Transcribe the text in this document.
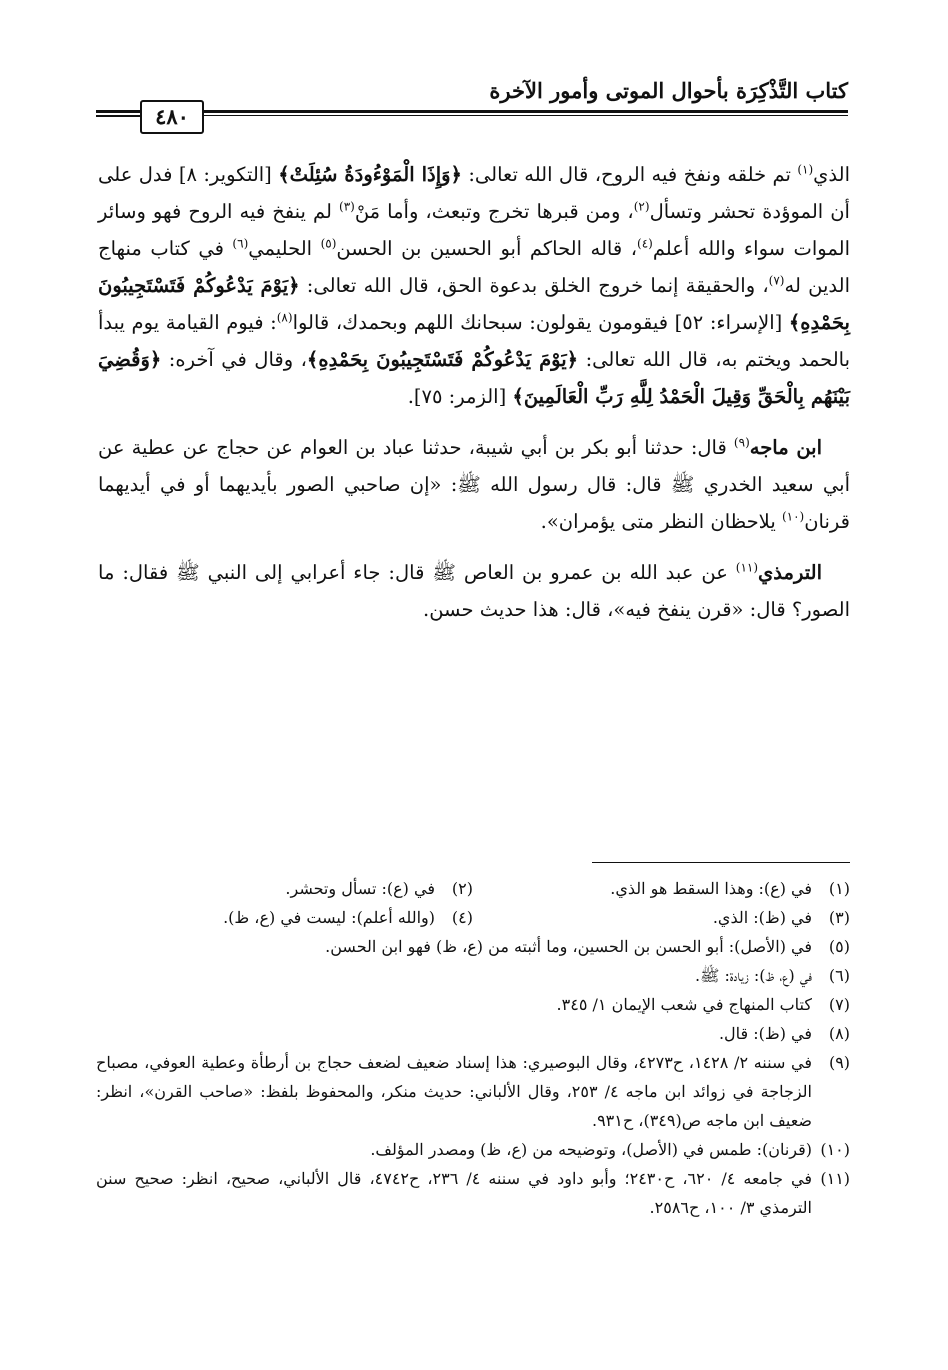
كتاب التَّذْكِرَة بأحوال الموتى وأمور الآخرة
٤٨٠

الذي$^{(١)}$ تم خلقه ونفخ فيه الروح، قال الله تعالى: ﴿وَإِذَا الْمَوْءُودَةُ سُئِلَتْ﴾ [التكوير: ٨] فدل على أن الموؤدة تحشر وتسأل$^{(٢)}$، ومن قبرها تخرج وتبعث، وأما مَنْ$^{(٣)}$ لم ينفخ فيه الروح فهو وسائر الموات سواء والله أعلم$^{(٤)}$، قاله الحاكم أبو الحسين بن الحسن$^{(٥)}$ الحليمي$^{(٦)}$ في كتاب منهاج الدين له$^{(٧)}$، والحقيقة إنما خروج الخلق بدعوة الحق، قال الله تعالى: ﴿يَوْمَ يَدْعُوكُمْ فَتَسْتَجِيبُونَ بِحَمْدِهِ﴾ [الإسراء: ٥٢] فيقومون يقولون: سبحانك اللهم وبحمدك، قالوا$^{(٨)}$: فيوم القيامة يوم يبدأ بالحمد ويختم به، قال الله تعالى: ﴿يَوْمَ يَدْعُوكُمْ فَتَسْتَجِيبُونَ بِحَمْدِهِ﴾، وقال في آخره: ﴿وَقُضِيَ بَيْنَهُم بِالْحَقِّ وَقِيلَ الْحَمْدُ لِلَّهِ رَبِّ الْعَالَمِينَ﴾ [الزمر: ٧٥].

ابن ماجه$^{(٩)}$ قال: حدثنا أبو بكر بن أبي شيبة، حدثنا عباد بن العوام عن حجاج عن عطية عن أبي سعيد الخدري ﷺ قال: قال رسول الله ﷺ: «إن صاحبي الصور بأيديهما أو في أيديهما قرنان$^{(١٠)}$ يلاحظان النظر متى يؤمران».

الترمذي$^{(١١)}$ عن عبد الله بن عمرو بن العاص ﷺ قال: جاء أعرابي إلى النبي ﷺ فقال: ما الصور؟ قال: «قرن ينفخ فيه»، قال: هذا حديث حسن.

(١)في (ع): وهذا السقط هو الذي.
(٢)في (ع): تسأل وتحشر.
(٣)في (ظ): الذي.
(٤)(والله أعلم): ليست في (ع، ظ).
(٥)في (الأصل): أبو الحسن بن الحسين، وما أثبته من (ع، ظ) فهو ابن الحسن.
(٦)في (ع، ظ): زيادة: ﷺ.
(٧)كتاب المنهاج في شعب الإيمان ١/ ٣٤٥.
(٨)في (ظ): قال.
(٩)في سننه ٢/ ١٤٢٨، ح٤٢٧٣، وقال البوصيري: هذا إسناد ضعيف لضعف حجاج بن أرطأة وعطية العوفي، مصباح الزجاجة في زوائد ابن ماجه ٤/ ٢٥٣، وقال الألباني: حديث منكر، والمحفوظ بلفظ: «صاحب القرن»، انظر: ضعيف ابن ماجه ص(٣٤٩)، ح٩٣١.
(١٠)(قرنان): طمس في (الأصل)، وتوضيحه من (ع، ظ) ومصدر المؤلف.
(١١)في جامعه ٤/ ٦٢٠، ح٢٤٣٠؛ وأبو داود في سننه ٤/ ٢٣٦، ح٤٧٤٢، قال الألباني، صحيح، انظر: صحيح سنن الترمذي ٣/ ١٠٠، ح٢٥٨٦.
